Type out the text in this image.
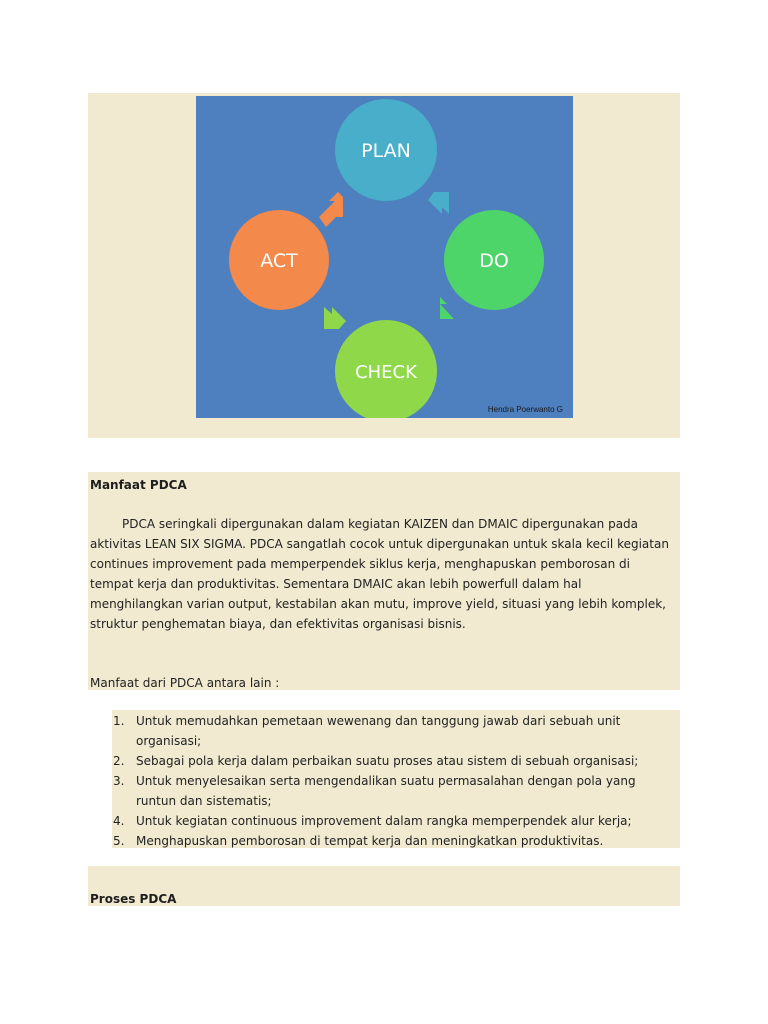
PLAN
DO
CHECK
ACT
Hendra Poerwanto G
Manfaat PDCA

PDCA seringkali dipergunakan dalam kegiatan KAIZEN dan DMAIC dipergunakan pada
aktivitas LEAN SIX SIGMA. PDCA sangatlah cocok untuk dipergunakan untuk skala kecil kegiatan
continues improvement pada memperpendek siklus kerja, menghapuskan pemborosan di
tempat kerja dan produktivitas. Sementara DMAIC akan lebih powerfull dalam hal
menghilangkan varian output, kestabilan akan mutu, improve yield, situasi yang lebih komplek,
struktur penghematan biaya, dan efektivitas organisasi bisnis.

Manfaat dari PDCA antara lain :
1. Untuk memudahkan pemetaan wewenang dan tanggung jawab dari sebuah unit
organisasi;
2. Sebagai pola kerja dalam perbaikan suatu proses atau sistem di sebuah organisasi;
3. Untuk menyelesaikan serta mengendalikan suatu permasalahan dengan pola yang
runtun dan sistematis;
4. Untuk kegiatan continuous improvement dalam rangka memperpendek alur kerja;
5. Menghapuskan pemborosan di tempat kerja dan meningkatkan produktivitas.
Proses PDCA
